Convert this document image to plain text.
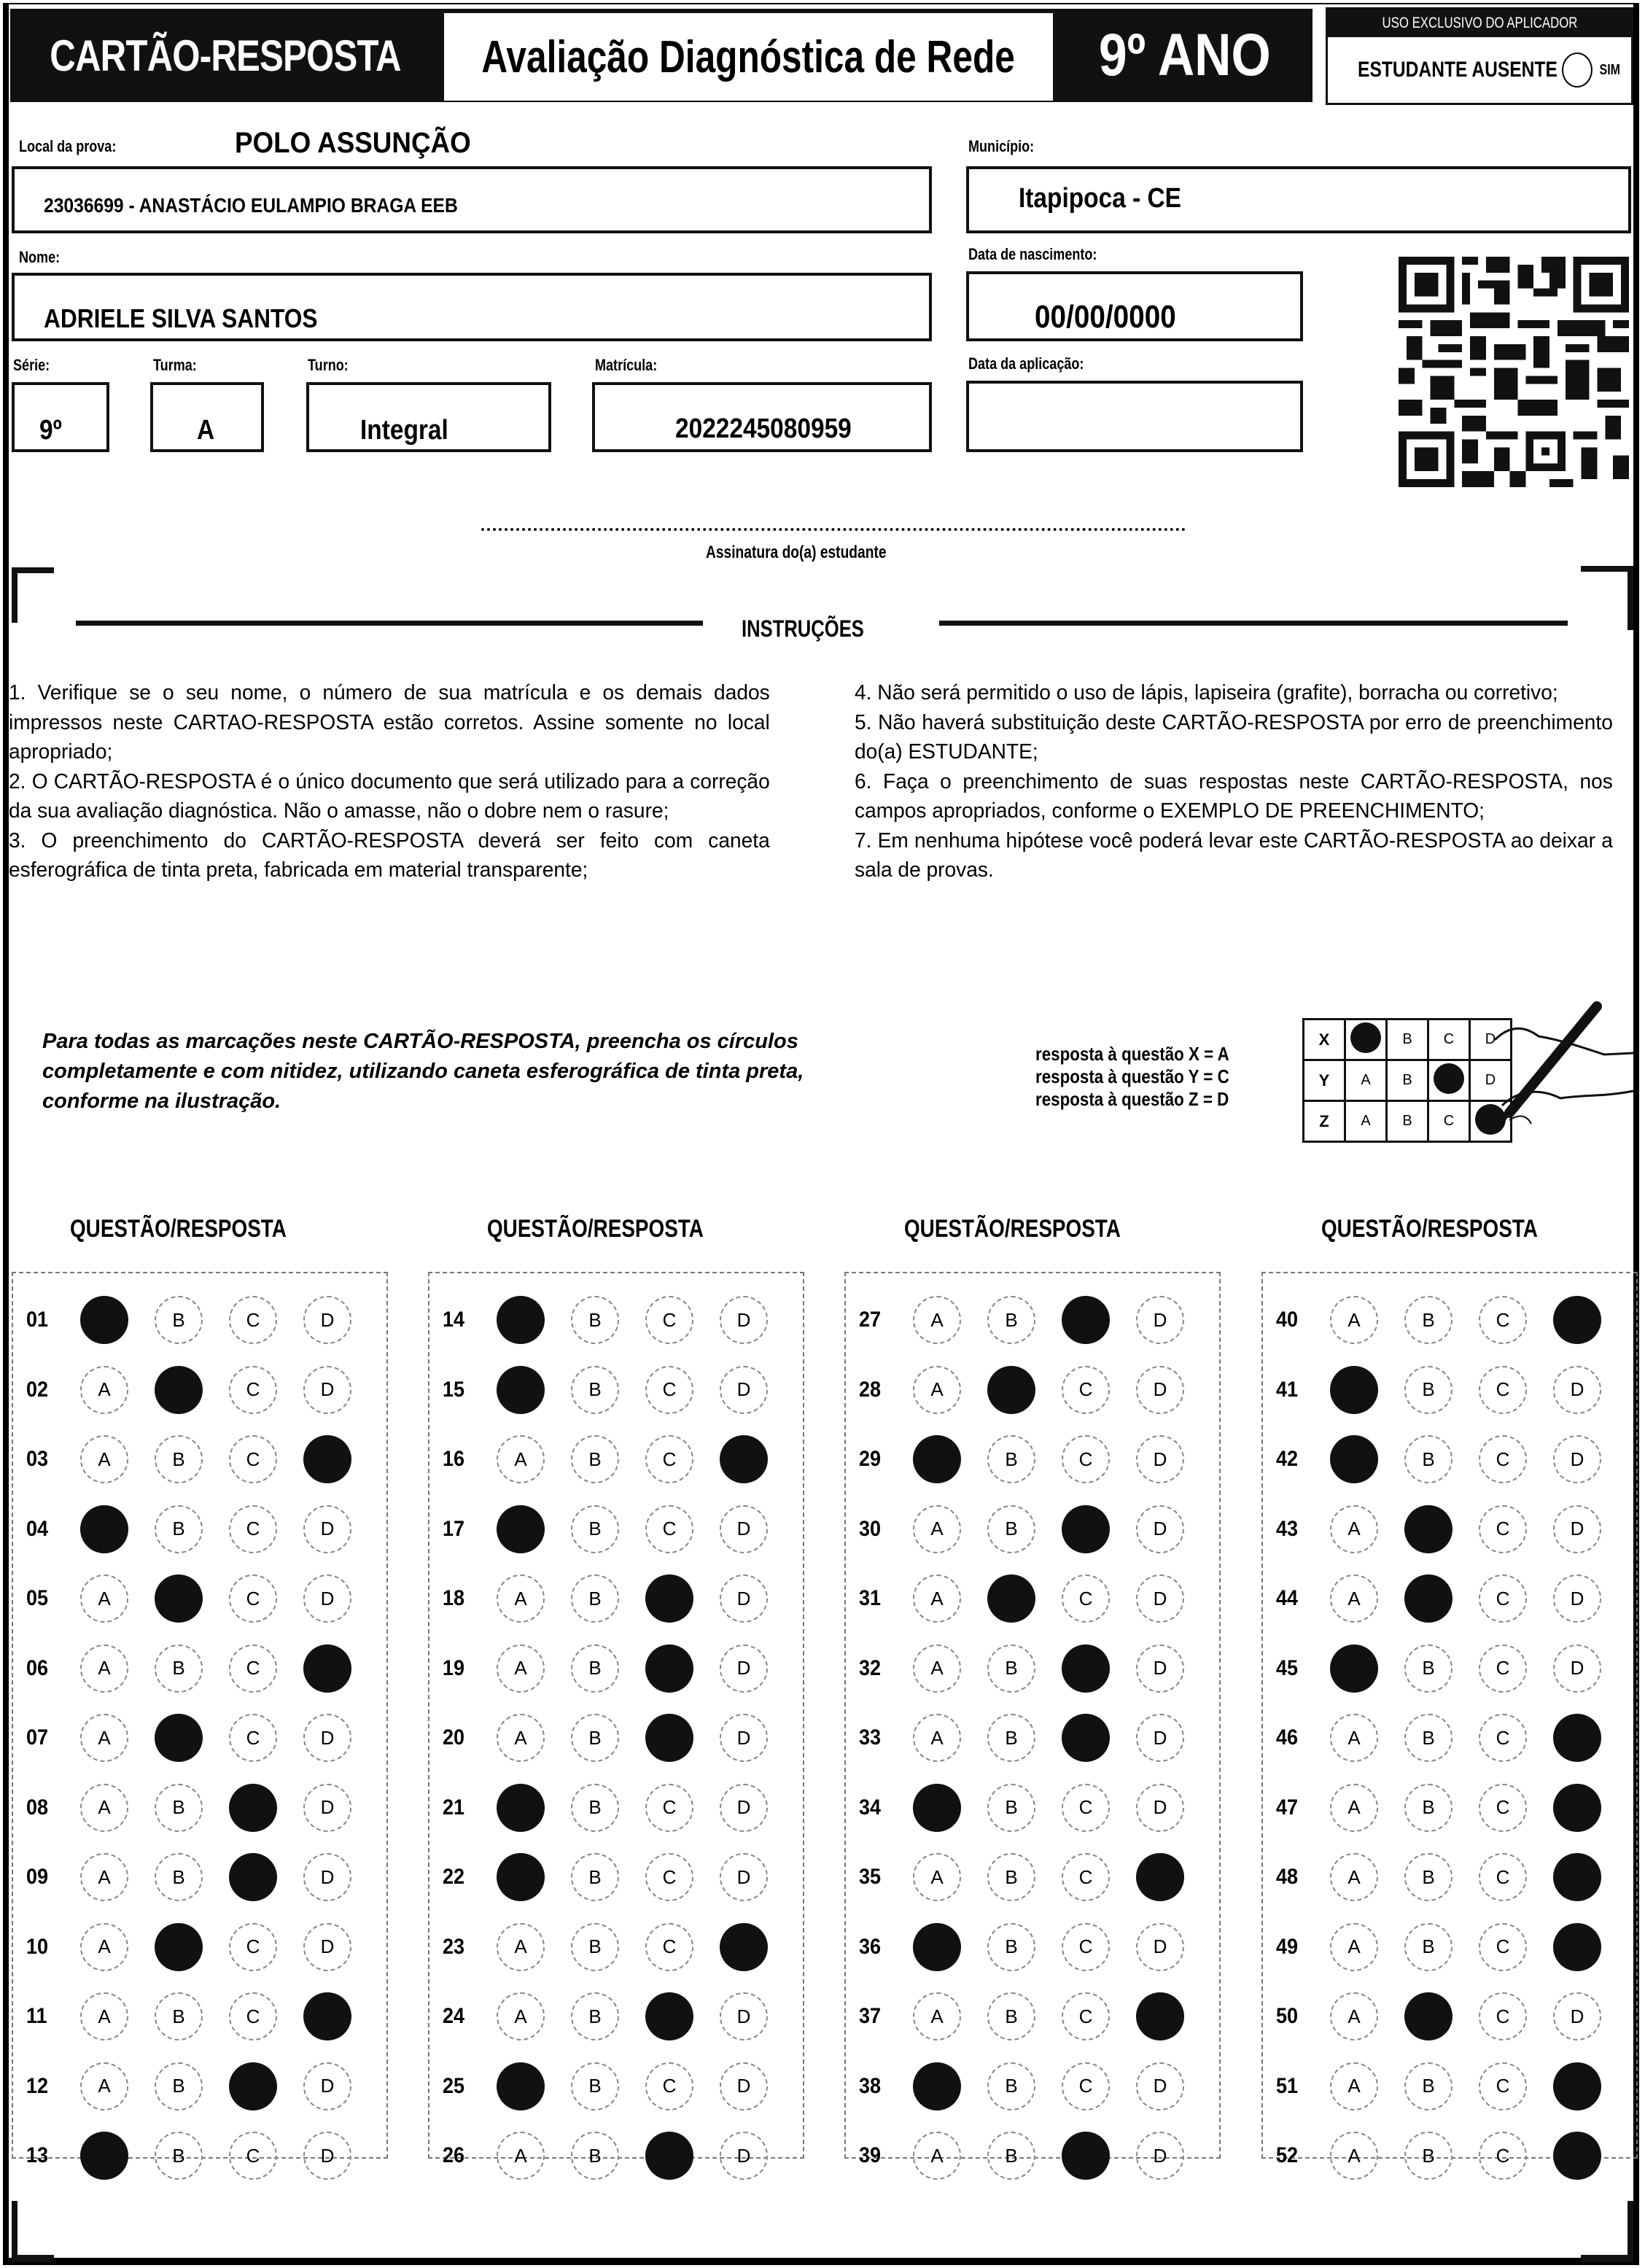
CARTÃO-RESPOSTA Avaliação Diagnóstica de Rede 9º ANO	USO EXCLUSIVO DO APLICADOR
ESTUDANTE AUSENTE	SIM
Local da prova:	POLO ASSUNÇÃO
23036699 - ANASTÁCIO EULAMPIO BRAGA EEB
Município:
Itapipoca - CE
Nome:
ADRIELE SILVA SANTOS
Data de nascimento:
00/00/0000
Série:
9º
Turma:
A
Turno:
Integral
Matrícula:
2022245080959
Data da aplicação:
Assinatura do(a) estudante
INSTRUÇÕES

1. Verifique se o seu nome, o número de sua matrícula e os demais dados impressos neste CARTAO-RESPOSTA estão corretos. Assine somente no local apropriado;

2. O CARTÃO-RESPOSTA é o único documento que será utilizado para a correção da sua avaliação diagnóstica. Não o amasse, não o dobre nem o rasure;

3. O preenchimento do CARTÃO-RESPOSTA deverá ser feito com caneta esferográfica de tinta preta, fabricada em material transparente;

4. Não será permitido o uso de lápis, lapiseira (grafite), borracha ou corretivo;

5. Não haverá substituição deste CARTÃO-RESPOSTA por erro de preenchimento do(a) ESTUDANTE;

6. Faça o preenchimento de suas respostas neste CARTÃO-RESPOSTA, nos campos apropriados, conforme o EXEMPLO DE PREENCHIMENTO;

7. Em nenhuma hipótese você poderá levar este CARTÃO-RESPOSTA ao deixar a sala de provas.

Para todas as marcações neste CARTÃO-RESPOSTA, preencha os círculos completamente e com nitidez, utilizando caneta esferográfica de tinta preta, conforme na ilustração.
resposta à questão X = A
resposta à questão Y = C
resposta à questão Z = D
X		B	C	D
Y	A	B		D
Z	A	B	C	
QUESTÃO/RESPOSTA	QUESTÃO/RESPOSTA	QUESTÃO/RESPOSTA	QUESTÃO/RESPOSTA
01	B	C	D
02	A	C	D
03	A	B	C
04	B	C	D
05	A	C	D
06	A	B	C
07	A	C	D
08	A	B	D
09	A	B	D
10	A	C	D
11	A	B	C
12	A	B	D
13	B	C	D
14	B	C	D
15	B	C	D
16	A	B	C
17	B	C	D
18	A	B	D
19	A	B	D
20	A	B	D
21	B	C	D
22	B	C	D
23	A	B	C
24	A	B	D
25	B	C	D
26	A	B	D
27	A	B	D
28	A	C	D
29	B	C	D
30	A	B	D
31	A	C	D
32	A	B	D
33	A	B	D
34	B	C	D
35	A	B	C
36	B	C	D
37	A	B	C
38	B	C	D
39	A	B	D
40	A	B	C
41	B	C	D
42	B	C	D
43	A	C	D
44	A	C	D
45	B	C	D
46	A	B	C
47	A	B	C
48	A	B	C
49	A	B	C
50	A	C	D
51	A	B	C
52	A	B	C
